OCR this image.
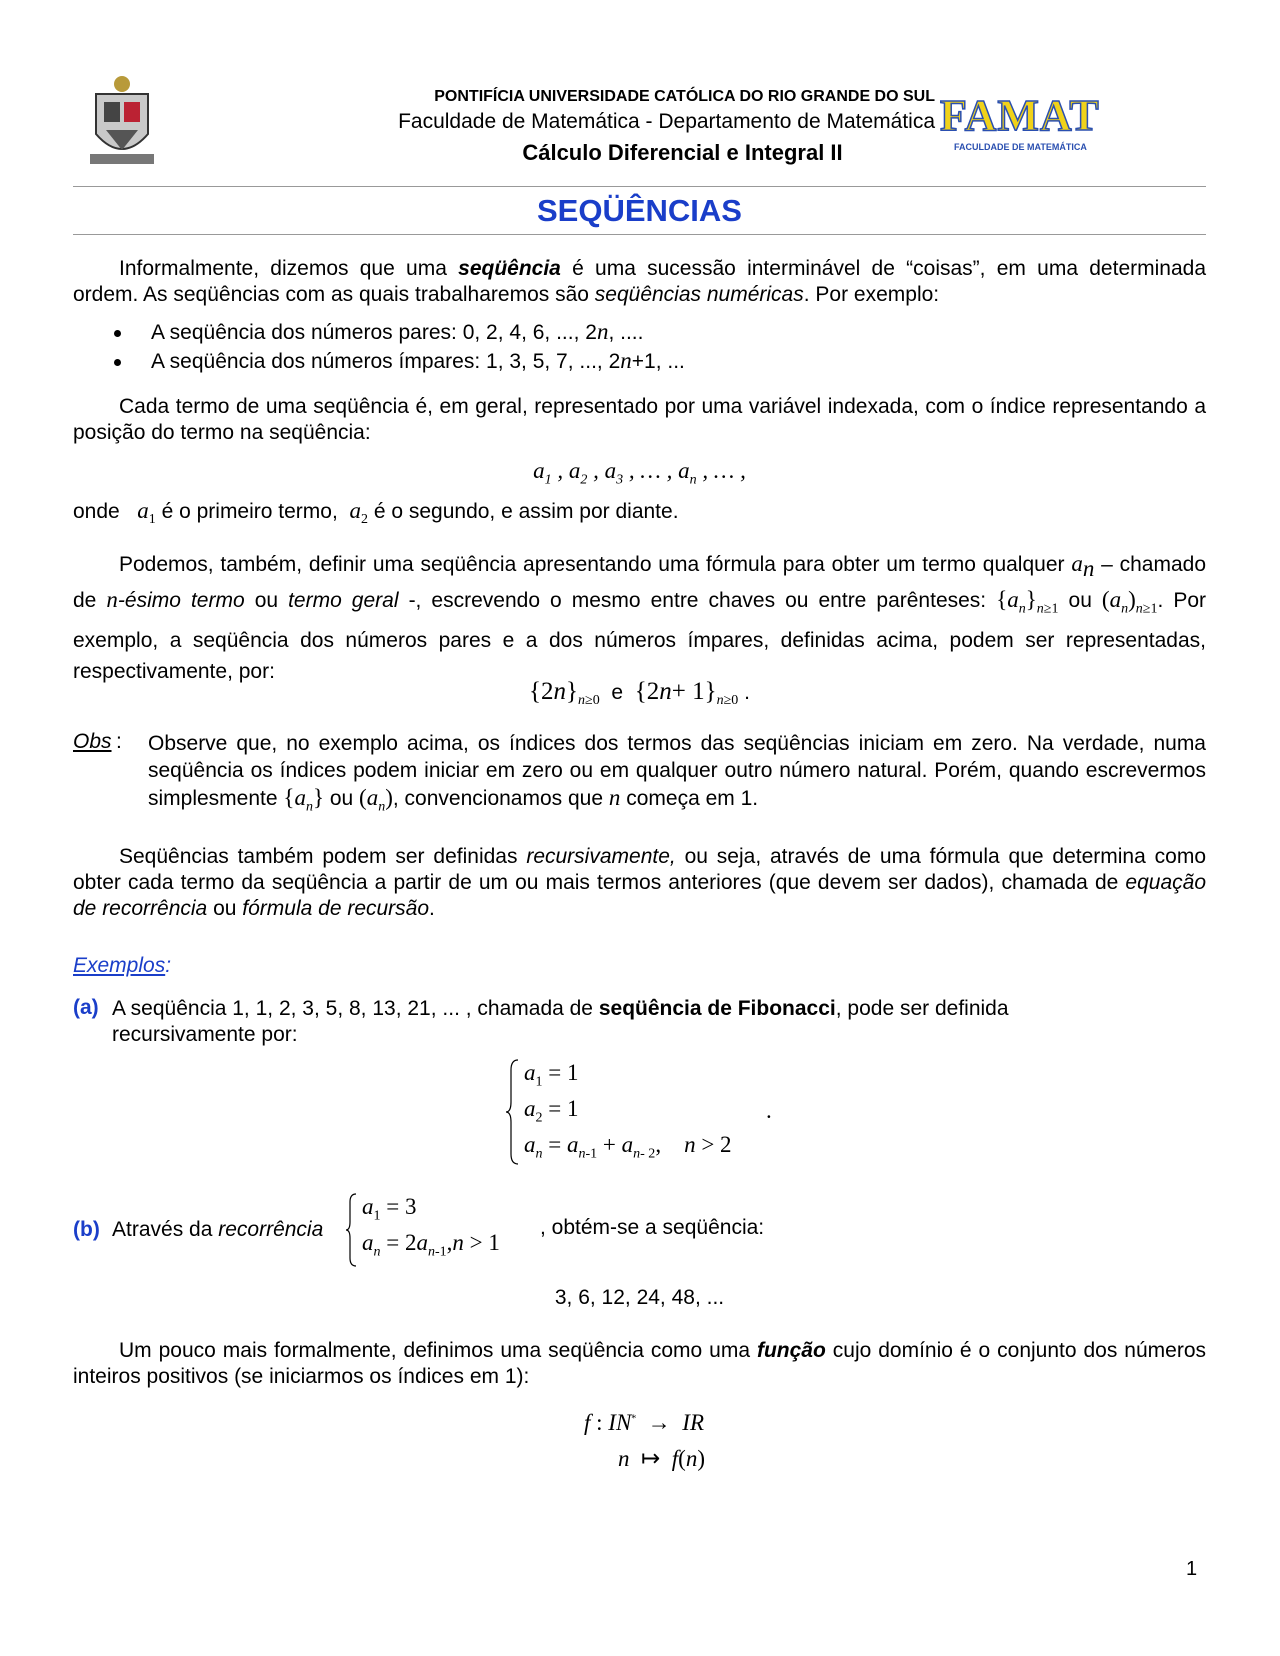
PONTIFÍCIA UNIVERSIDADE CATÓLICA DO RIO GRANDE DO SUL
Faculdade de Matemática - Departamento de Matemática
Cálculo Diferencial e Integral II
FAMAT
FACULDADE DE MATEMÁTICA
SEQÜÊNCIAS
Informalmente, dizemos que uma seqüência é uma sucessão interminável de “coisas”, em uma determinada ordem. As seqüências com as quais trabalharemos são seqüências numéricas. Por exemplo:
A seqüência dos números pares: 0, 2, 4, 6, ..., 2n, ....
A seqüência dos números ímpares: 1, 3, 5, 7, ..., 2n+1, ...
Cada termo de uma seqüência é, em geral, representado por uma variável indexada, com o índice representando a posição do termo na seqüência:
$a_1$ , $a_2$ , $a_3$ , … , $a_n$ , … ,
onde $a_1$ é o primeiro termo, $a_2$ é o segundo, e assim por diante.
Podemos, também, definir uma seqüência apresentando uma fórmula para obter um termo qualquer $a_n$ – chamado de n-ésimo termo ou termo geral -, escrevendo o mesmo entre chaves ou entre parênteses: $\{a_n\}_{n\ge 1}$ ou $(a_n)_{n\ge 1}$. Por exemplo, a seqüência dos números pares e a dos números ímpares, definidas acima, podem ser representadas, respectivamente, por:
$\{2n\}_{n\ge 0}$ e $\{2n+ 1\}_{n\ge 0}$ .
Obs : Observe que, no exemplo acima, os índices dos termos das seqüências iniciam em zero. Na verdade, numa seqüência os índices podem iniciar em zero ou em qualquer outro número natural. Porém, quando escrevermos simplesmente $\{a_n\}$ ou $(a_n)$, convencionamos que n começa em 1.
Seqüências também podem ser definidas recursivamente, ou seja, através de uma fórmula que determina como obter cada termo da seqüência a partir de um ou mais termos anteriores (que devem ser dados), chamada de equação de recorrência ou fórmula de recursão.
Exemplos:
(a) A seqüência 1, 1, 2, 3, 5, 8, 13, 21, ... , chamada de seqüência de Fibonacci, pode ser definida recursivamente por:
$a_1 = 1$
$a_2 = 1$
$a_n = a_{n-1} + a_{n- 2}$,    n > 2
.
(b) Através da recorrência
$a_1 = 3$
$a_n = 2a_{n-1},n > 1$
, obtém-se a seqüência:
3, 6, 12, 24, 48, ...
Um pouco mais formalmente, definimos uma seqüência como uma função cujo domínio é o conjunto dos números inteiros positivos (se iniciarmos os índices em 1):
f : IN*  →  IR
n  ↦  f(n)
1
